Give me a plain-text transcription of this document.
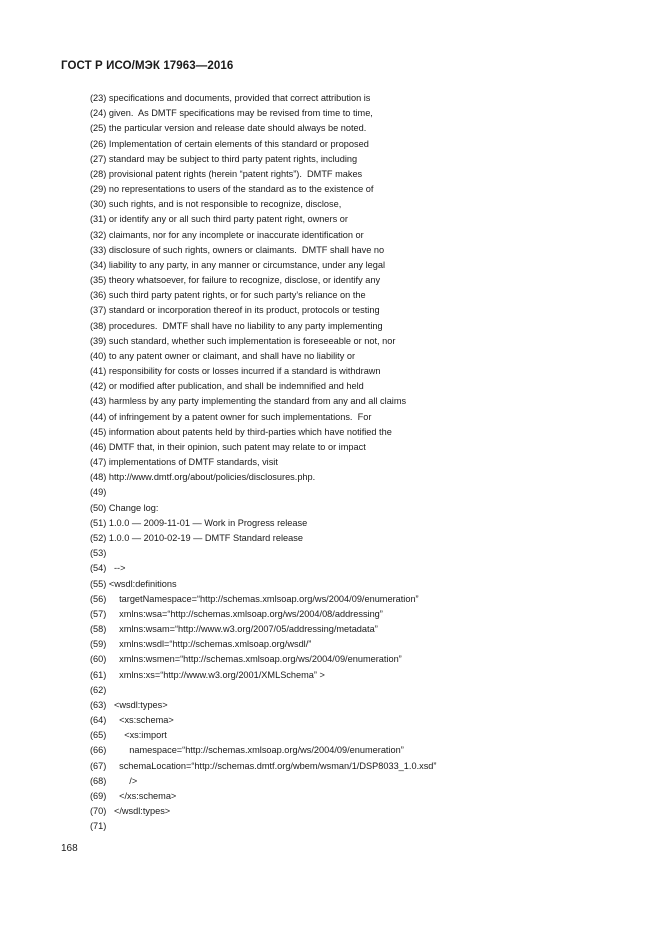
ГОСТ Р ИСО/МЭК 17963—2016
(23) specifications and documents, provided that correct attribution is
(24) given.  As DMTF specifications may be revised from time to time,
(25) the particular version and release date should always be noted.
(26) Implementation of certain elements of this standard or proposed
(27) standard may be subject to third party patent rights, including
(28) provisional patent rights (herein “patent rights”).  DMTF makes
(29) no representations to users of the standard as to the existence of
(30) such rights, and is not responsible to recognize, disclose,
(31) or identify any or all such third party patent right, owners or
(32) claimants, nor for any incomplete or inaccurate identification or
(33) disclosure of such rights, owners or claimants.  DMTF shall have no
(34) liability to any party, in any manner or circumstance, under any legal
(35) theory whatsoever, for failure to recognize, disclose, or identify any
(36) such third party patent rights, or for such party’s reliance on the
(37) standard or incorporation thereof in its product, protocols or testing
(38) procedures.  DMTF shall have no liability to any party implementing
(39) such standard, whether such implementation is foreseeable or not, nor
(40) to any patent owner or claimant, and shall have no liability or
(41) responsibility for costs or losses incurred if a standard is withdrawn
(42) or modified after publication, and shall be indemnified and held
(43) harmless by any party implementing the standard from any and all claims
(44) of infringement by a patent owner for such implementations.  For
(45) information about patents held by third-parties which have notified the
(46) DMTF that, in their opinion, such patent may relate to or impact
(47) implementations of DMTF standards, visit
(48) http://www.dmtf.org/about/policies/disclosures.php.
(49)
(50) Change log:
(51) 1.0.0 — 2009-11-01 — Work in Progress release
(52) 1.0.0 — 2010-02-19 — DMTF Standard release
(53)
(54)   -->
(55) <wsdl:definitions
(56)     targetNamespace=“http://schemas.xmlsoap.org/ws/2004/09/enumeration”
(57)     xmlns:wsa=“http://schemas.xmlsoap.org/ws/2004/08/addressing”
(58)     xmlns:wsam=“http://www.w3.org/2007/05/addressing/metadata”
(59)     xmlns:wsdl=“http://schemas.xmlsoap.org/wsdl/”
(60)     xmlns:wsmen=“http://schemas.xmlsoap.org/ws/2004/09/enumeration”
(61)     xmlns:xs=“http://www.w3.org/2001/XMLSchema” >
(62)
(63)   <wsdl:types>
(64)     <xs:schema>
(65)       <xs:import
(66)         namespace=“http://schemas.xmlsoap.org/ws/2004/09/enumeration”
(67)     schemaLocation=“http://schemas.dmtf.org/wbem/wsman/1/DSP8033_1.0.xsd”
(68)         />
(69)     </xs:schema>
(70)   </wsdl:types>
(71)
168
